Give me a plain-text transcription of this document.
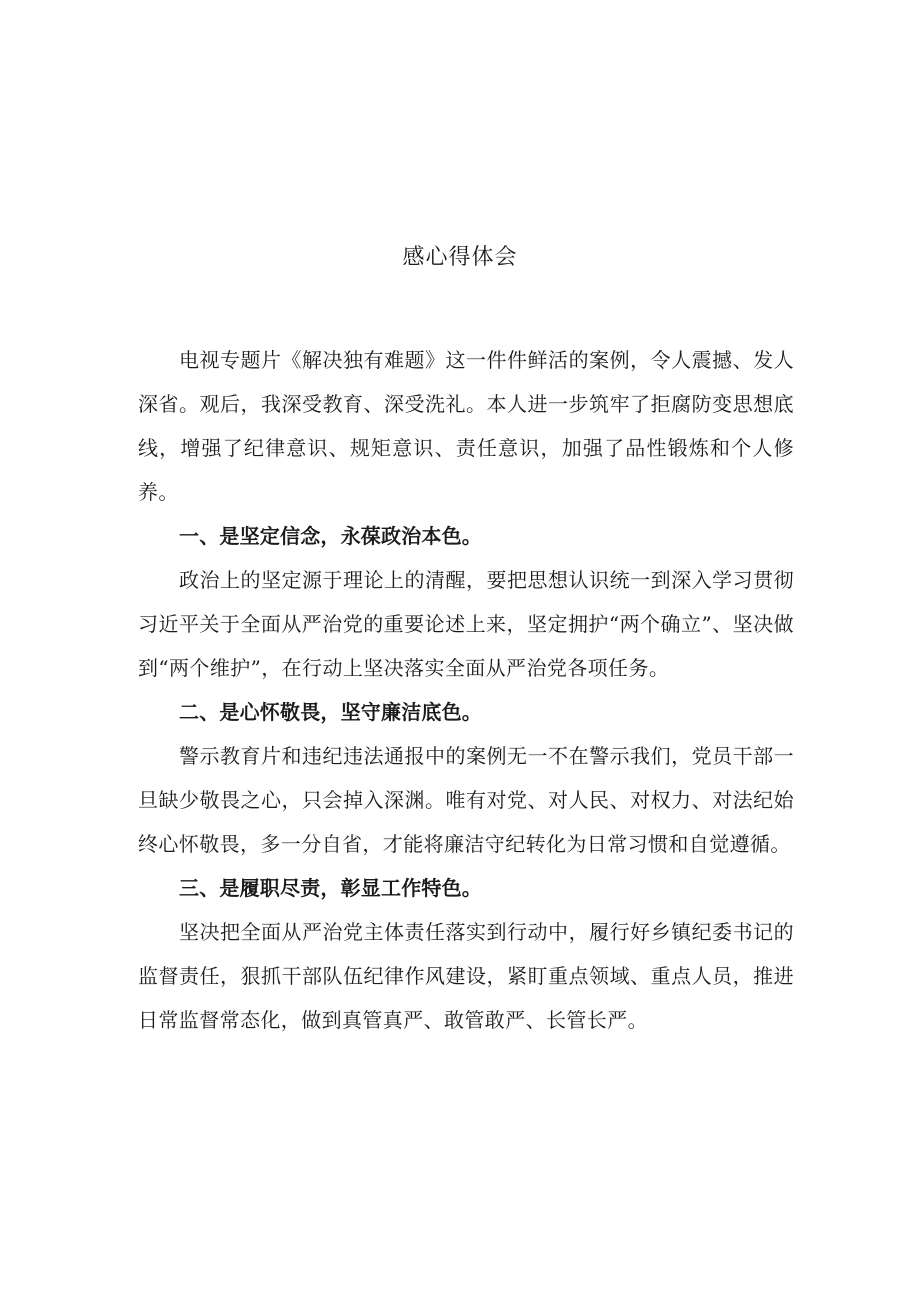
感心得体会

电视专题片《解决独有难题》这一件件鲜活的案例，令人震撼、发人深省。观后，我深受教育、深受洗礼。本人进一步筑牢了拒腐防变思想底线，增强了纪律意识、规矩意识、责任意识，加强了品性锻炼和个人修养。

一、是坚定信念，永葆政治本色。

政治上的坚定源于理论上的清醒，要把思想认识统一到深入学习贯彻习近平关于全面从严治党的重要论述上来，坚定拥护“两个确立”、坚决做到“两个维护”，在行动上坚决落实全面从严治党各项任务。

二、是心怀敬畏，坚守廉洁底色。

警示教育片和违纪违法通报中的案例无一不在警示我们，党员干部一旦缺少敬畏之心，只会掉入深渊。唯有对党、对人民、对权力、对法纪始终心怀敬畏，多一分自省，才能将廉洁守纪转化为日常习惯和自觉遵循。

三、是履职尽责，彰显工作特色。

坚决把全面从严治党主体责任落实到行动中，履行好乡镇纪委书记的监督责任，狠抓干部队伍纪律作风建设，紧盯重点领域、重点人员，推进日常监督常态化，做到真管真严、敢管敢严、长管长严。
